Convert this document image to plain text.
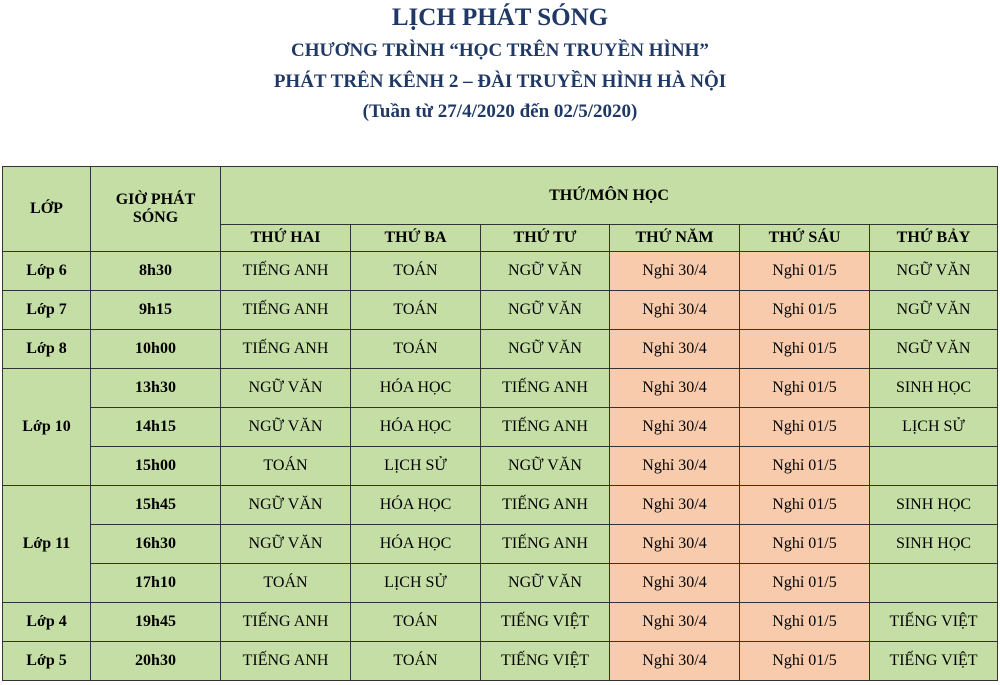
LỊCH PHÁT SÓNG
CHƯƠNG TRÌNH “HỌC TRÊN TRUYỀN HÌNH”
PHÁT TRÊN KÊNH 2 – ĐÀI TRUYỀN HÌNH HÀ NỘI
(Tuần từ 27/4/2020 đến 02/5/2020)
LỚP	GIỜ PHÁT SÓNG	THỨ/MÔN HỌC					
		THỨ HAI	THỨ BA	THỨ TƯ	THỨ NĂM	THỨ SÁU	THỨ BẢY
Lớp 6	8h30	TIẾNG ANH	TOÁN	NGỮ VĂN	Nghỉ 30/4	Nghỉ 01/5	NGỮ VĂN
Lớp 7	9h15	TIẾNG ANH	TOÁN	NGỮ VĂN	Nghỉ 30/4	Nghỉ 01/5	NGỮ VĂN
Lớp 8	10h00	TIẾNG ANH	TOÁN	NGỮ VĂN	Nghỉ 30/4	Nghỉ 01/5	NGỮ VĂN
Lớp 10	13h30	NGỮ VĂN	HÓA HỌC	TIẾNG ANH	Nghỉ 30/4	Nghỉ 01/5	SINH HỌC
	14h15	NGỮ VĂN	HÓA HỌC	TIẾNG ANH	Nghỉ 30/4	Nghỉ 01/5	LỊCH SỬ
	15h00	TOÁN	LỊCH SỬ	NGỮ VĂN	Nghỉ 30/4	Nghỉ 01/5	
Lớp 11	15h45	NGỮ VĂN	HÓA HỌC	TIẾNG ANH	Nghỉ 30/4	Nghỉ 01/5	SINH HỌC
	16h30	NGỮ VĂN	HÓA HỌC	TIẾNG ANH	Nghỉ 30/4	Nghỉ 01/5	SINH HỌC
	17h10	TOÁN	LỊCH SỬ	NGỮ VĂN	Nghỉ 30/4	Nghỉ 01/5	
Lớp 4	19h45	TIẾNG ANH	TOÁN	TIẾNG VIỆT	Nghỉ 30/4	Nghỉ 01/5	TIẾNG VIỆT
Lớp 5	20h30	TIẾNG ANH	TOÁN	TIẾNG VIỆT	Nghỉ 30/4	Nghỉ 01/5	TIẾNG VIỆT
